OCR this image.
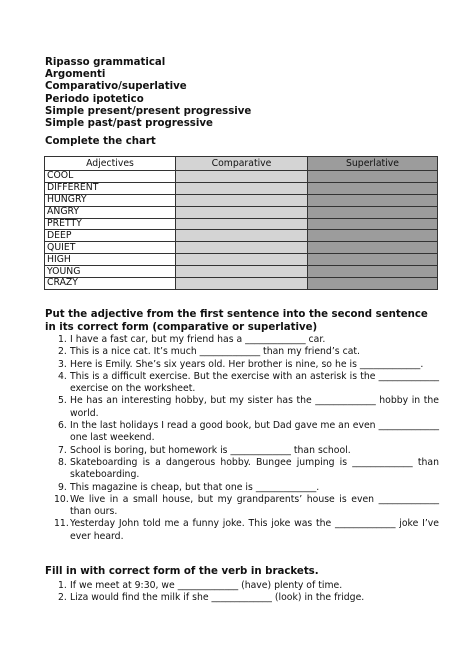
Ripasso grammatical
Argomenti
Comparativo/superlative
Periodo ipotetico
Simple present/present progressive
Simple past/past progressive
Complete the chart
Adjectives	Comparative	Superlative
COOL		
DIFFERENT		
HUNGRY		
ANGRY		
PRETTY		
DEEP		
QUIET		
HIGH		
YOUNG		
CRAZY		
Put the adjective from the first sentence into the second sentence in its correct form (comparative or superlative)
1. I have a fast car, but my friend has a _____________ car.
2. This is a nice cat. It’s much _____________ than my friend’s cat.
3. Here is Emily. She’s six years old. Her brother is nine, so he is _____________.
4. This is a difficult exercise. But the exercise with an asterisk is the _____________ exercise on the worksheet.
5. He has an interesting hobby, but my sister has the _____________ hobby in the world.
6. In the last holidays I read a good book, but Dad gave me an even _____________ one last weekend.
7. School is boring, but homework is _____________ than school.
8. Skateboarding is a dangerous hobby. Bungee jumping is _____________ than skateboarding.
9. This magazine is cheap, but that one is _____________.
10. We live in a small house, but my grandparents’ house is even _____________ than ours.
11. Yesterday John told me a funny joke. This joke was the _____________ joke I’ve ever heard.
Fill in with correct form of the verb in brackets.
1. If we meet at 9:30, we _____________ (have) plenty of time.
2. Liza would find the milk if she _____________ (look) in the fridge.
